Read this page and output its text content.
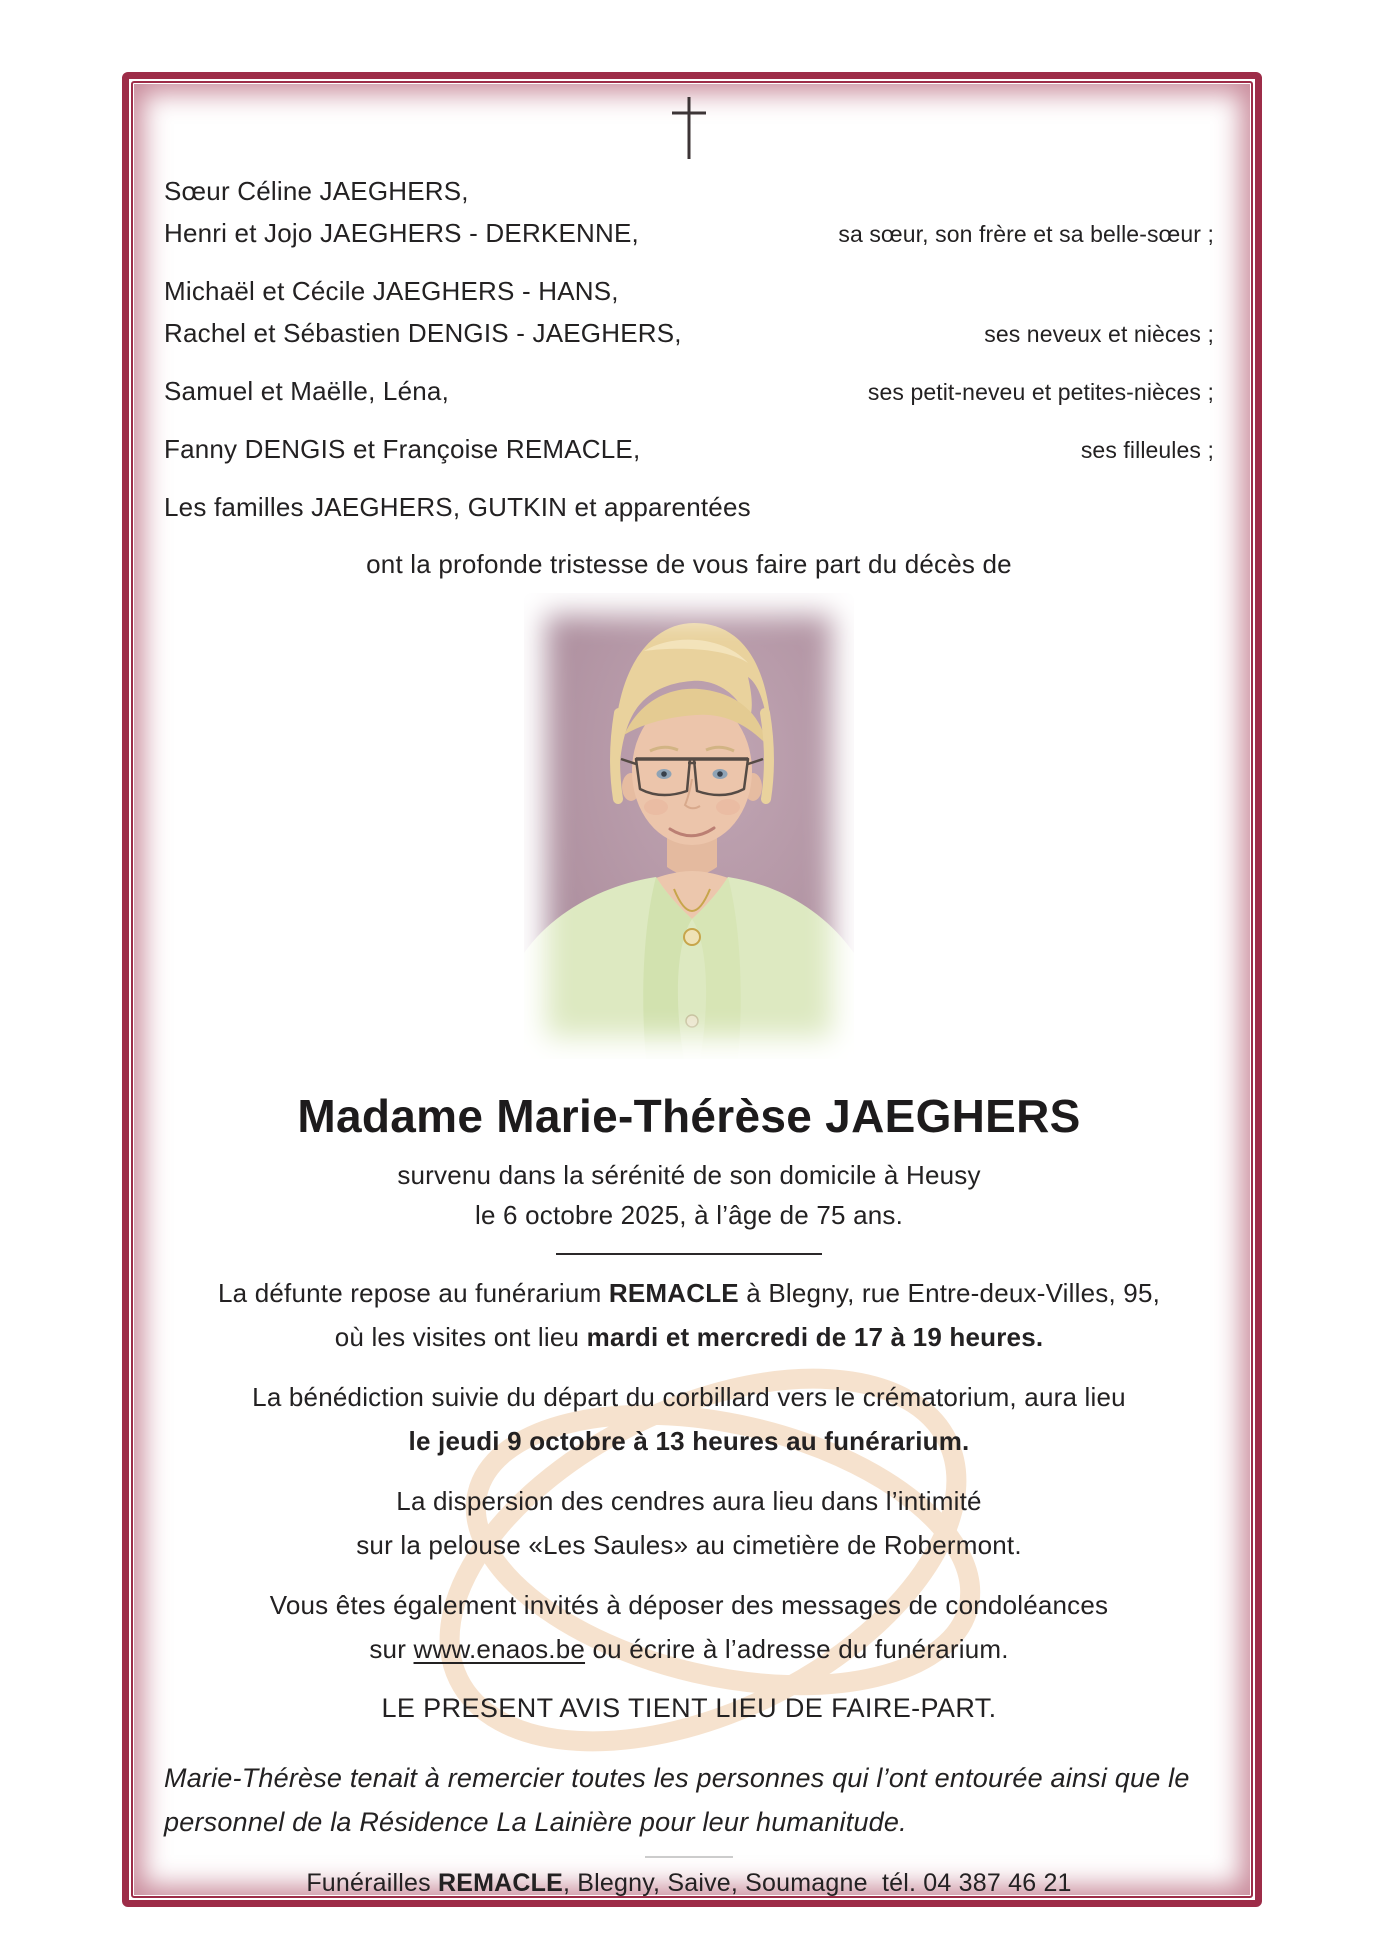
Sœur Céline JAEGHERS,
Henri et Jojo JAEGHERS - DERKENNE,	sa sœur, son frère et sa belle-sœur ;
Michaël et Cécile JAEGHERS - HANS,
Rachel et Sébastien DENGIS - JAEGHERS,	ses neveux et nièces ;
Samuel et Maëlle, Léna,	ses petit-neveu et petites-nièces ;
Fanny DENGIS et Françoise REMACLE,	ses filleules ;
Les familles JAEGHERS, GUTKIN et apparentées
ont la profonde tristesse de vous faire part du décès de
Madame Marie-Thérèse JAEGHERS
survenu dans la sérénité de son domicile à Heusy
le 6 octobre 2025, à l’âge de 75 ans.

La défunte repose au funérarium REMACLE à Blegny, rue Entre-deux-Villes, 95,

où les visites ont lieu mardi et mercredi de 17 à 19 heures.

La bénédiction suivie du départ du corbillard vers le crématorium, aura lieu

le jeudi 9 octobre à 13 heures au funérarium.

La dispersion des cendres aura lieu dans l’intimité

sur la pelouse «Les Saules» au cimetière de Robermont.

Vous êtes également invités à déposer des messages de condoléances

sur www.enaos.be ou écrire à l’adresse du funérarium.

LE PRESENT AVIS TIENT LIEU DE FAIRE-PART.

Marie-Thérèse tenait à remercier toutes les personnes qui l’ont entourée ainsi que le
personnel de la Résidence La Lainière pour leur humanitude.
Funérailles REMACLE, Blegny, Saive, Soumagne  tél. 04 387 46 21
